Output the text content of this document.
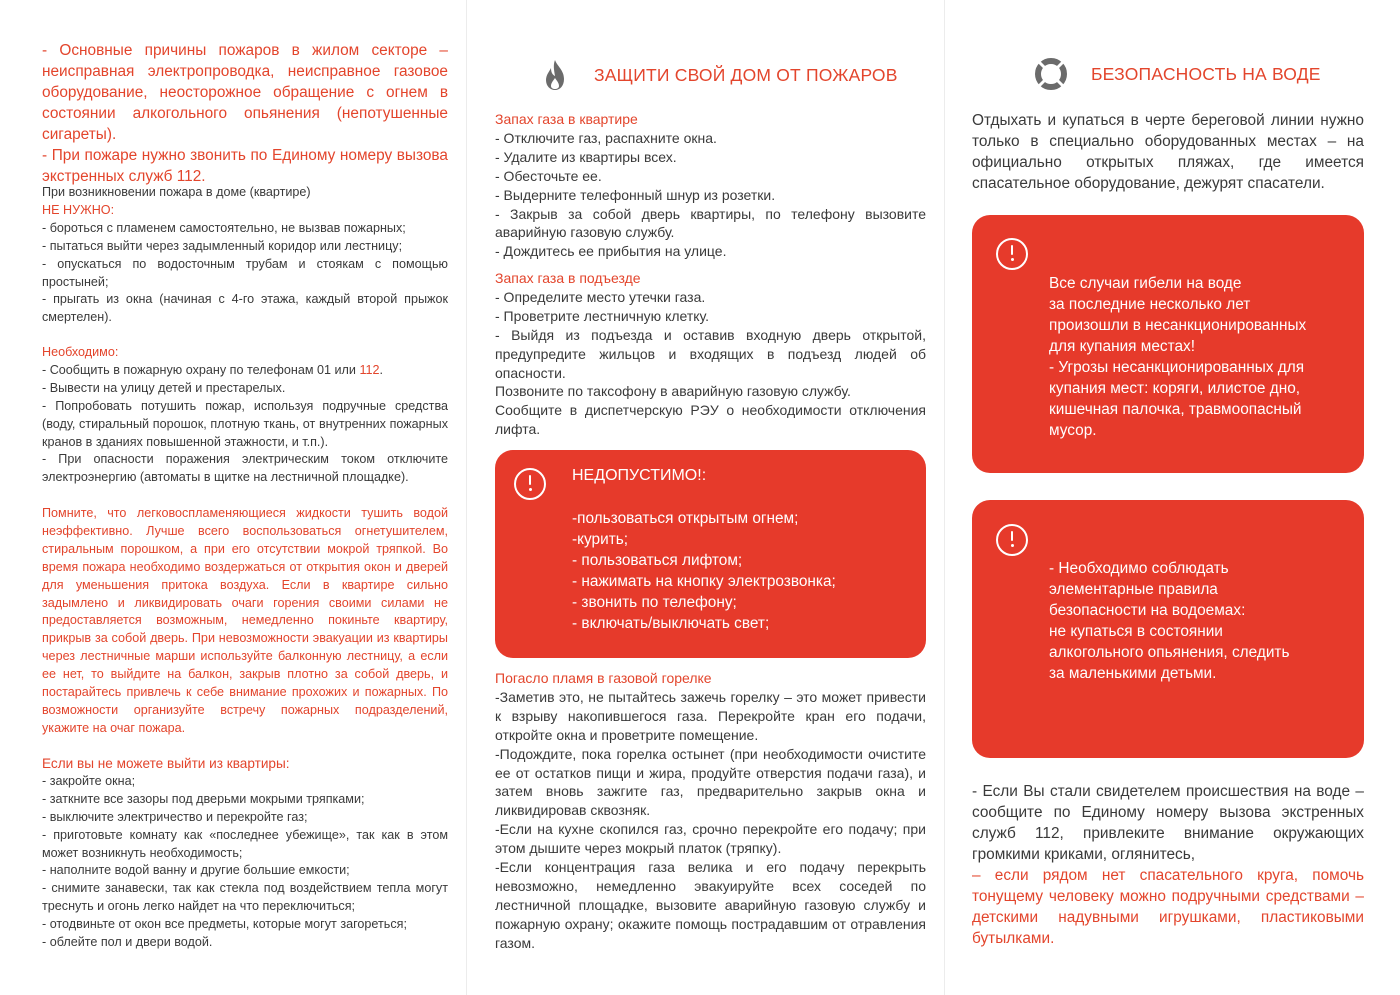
- Основные причины пожаров в жилом секторе – неисправная электропроводка, неисправное газовое оборудование, неосторожное обращение с огнем в состоянии алкогольного опьянения (непотушенные сигареты).

- При пожаре нужно звонить по Единому номеру вызова экстренных служб 112.

При возникновении пожара в доме (квартире)

НЕ НУЖНО:

- бороться с пламенем самостоятельно, не вызвав пожарных;

- пытаться выйти через задымленный коридор или лестницу;

- опускаться по водосточным трубам и стоякам с помощью простыней;

- прыгать из окна (начиная с 4-го этажа, каждый второй прыжок смертелен).

Необходимо:

- Сообщить в пожарную охрану по телефонам 01 или 112.

- Вывести на улицу детей и престарелых.

- Попробовать потушить пожар, используя подручные средства (воду, стиральный порошок, плотную ткань, от внутренних пожарных кранов в зданиях повышенной этажности, и т.п.).

- При опасности поражения электрическим током отключите электроэнергию (автоматы в щитке на лестничной площадке).

Помните, что легковоспламеняющиеся жидкости тушить водой неэффективно. Лучше всего воспользоваться огнетушителем, стиральным порошком, а при его отсутствии мокрой тряпкой. Во время пожара необходимо воздержаться от открытия окон и дверей для уменьшения притока воздуха. Если в квартире сильно задымлено и ликвидировать очаги горения своими силами не предоставляется возможным, немедленно покиньте квартиру, прикрыв за собой дверь. При невозможности эвакуации из квартиры через лестничные марши используйте балконную лестницу, а если ее нет, то выйдите на балкон, закрыв плотно за собой дверь, и постарайтесь привлечь к себе внимание прохожих и пожарных. По возможности организуйте встречу пожарных подразделений, укажите на очаг пожара.

Если вы не можете выйти из квартиры:

- закройте окна;

- заткните все зазоры под дверьми мокрыми тряпками;

- выключите электричество и перекройте газ;

- приготовьте комнату как «последнее убежище», так как в этом может возникнуть необходимость;

- наполните водой ванну и другие большие емкости;

- снимите занавески, так как стекла под воздействием тепла могут треснуть и огонь легко найдет на что переключиться;

- отодвиньте от окон все предметы, которые могут загореться;

- облейте пол и двери водой.

ЗАЩИТИ СВОЙ ДОМ ОТ ПОЖАРОВ

Запах газа в квартире

- Отключите газ, распахните окна.

- Удалите из квартиры всех.

- Обесточьте ее.

- Выдерните телефонный шнур из розетки.

- Закрыв за собой дверь квартиры, по телефону вызовите аварийную газовую службу.

- Дождитесь ее прибытия на улице.

Запах газа в подъезде

- Определите место утечки газа.

- Проветрите лестничную клетку.

- Выйдя из подъезда и оставив входную дверь открытой, предупредите жильцов и входящих в подъезд людей об опасности.

Позвоните по таксофону в аварийную газовую службу.

Сообщите в диспетчерскую РЭУ о необходимости отключения лифта.

НЕДОПУСТИМО!:
-пользоваться открытым огнем;
-курить;
- пользоваться лифтом;
- нажимать на кнопку электрозвонка;
- звонить по телефону;
- включать/выключать свет;

Погасло пламя в газовой горелке

-Заметив это, не пытайтесь зажечь горелку – это может привести к взрыву накопившегося газа. Перекройте кран его подачи, откройте окна и проветрите помещение.

-Подождите, пока горелка остынет (при необходимости очистите ее от остатков пищи и жира, продуйте отверстия подачи газа), и затем вновь зажгите газ, предварительно закрыв окна и ликвидировав сквозняк.

-Если на кухне скопился газ, срочно перекройте его подачу; при этом дышите через мокрый платок (тряпку).

-Если концентрация газа велика и его подачу перекрыть невозможно, немедленно эвакуируйте всех соседей по лестничной площадке, вызовите аварийную газовую службу и пожарную охрану; окажите помощь пострадавшим от отравления газом.

БЕЗОПАСНОСТЬ НА ВОДЕ

Отдыхать и купаться в черте береговой линии нужно только в специально оборудованных местах – на официально открытых пляжах, где имеется спасательное оборудование, дежурят спасатели.

Все случаи гибели на воде
за последние несколько лет
произошли в несанкционированных
для купания местах!
- Угрозы несанкционированных для
купания мест: коряги, илистое дно,
кишечная палочка, травмоопасный
мусор.
- Необходимо соблюдать
элементарные правила
безопасности на водоемах:
не купаться в состоянии
алкогольного опьянения, следить
за маленькими детьми.

- Если Вы стали свидетелем происшествия на воде – сообщите по Единому номеру вызова экстренных служб 112, привлеките внимание окружающих громкими криками, оглянитесь,

– если рядом нет спасательного круга, помочь тонущему человеку можно подручными средствами – детскими надувными игрушками, пластиковыми бутылками.
